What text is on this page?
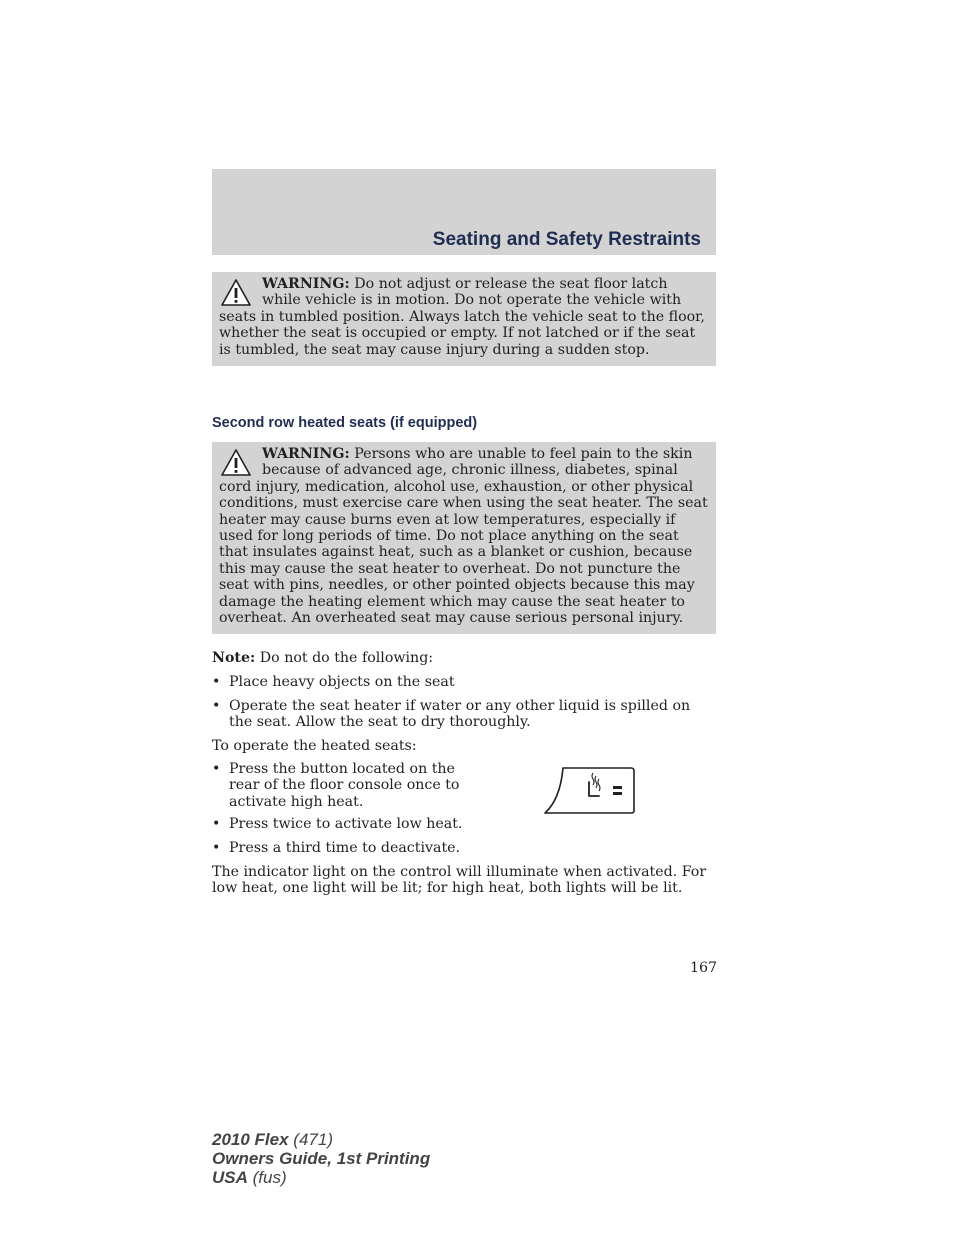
Seating and Safety Restraints
WARNING: Do not adjust or release the seat floor latch while vehicle is in motion. Do not operate the vehicle with seats in tumbled position. Always latch the vehicle seat to the floor, whether the seat is occupied or empty. If not latched or if the seat is tumbled, the seat may cause injury during a sudden stop.
Second row heated seats (if equipped)
WARNING: Persons who are unable to feel pain to the skin because of advanced age, chronic illness, diabetes, spinal cord injury, medication, alcohol use, exhaustion, or other physical conditions, must exercise care when using the seat heater. The seat heater may cause burns even at low temperatures, especially if used for long periods of time. Do not place anything on the seat that insulates against heat, such as a blanket or cushion, because this may cause the seat heater to overheat. Do not puncture the seat with pins, needles, or other pointed objects because this may damage the heating element which may cause the seat heater to overheat. An overheated seat may cause serious personal injury.
Note: Do not do the following:
• Place heavy objects on the seat
• Operate the seat heater if water or any other liquid is spilled on the seat. Allow the seat to dry thoroughly.
To operate the heated seats:
• Press the button located on the rear of the floor console once to activate high heat.
• Press twice to activate low heat.
• Press a third time to deactivate.
The indicator light on the control will illuminate when activated. For low heat, one light will be lit; for high heat, both lights will be lit.
167
2010 Flex (471)
Owners Guide, 1st Printing
USA (fus)
